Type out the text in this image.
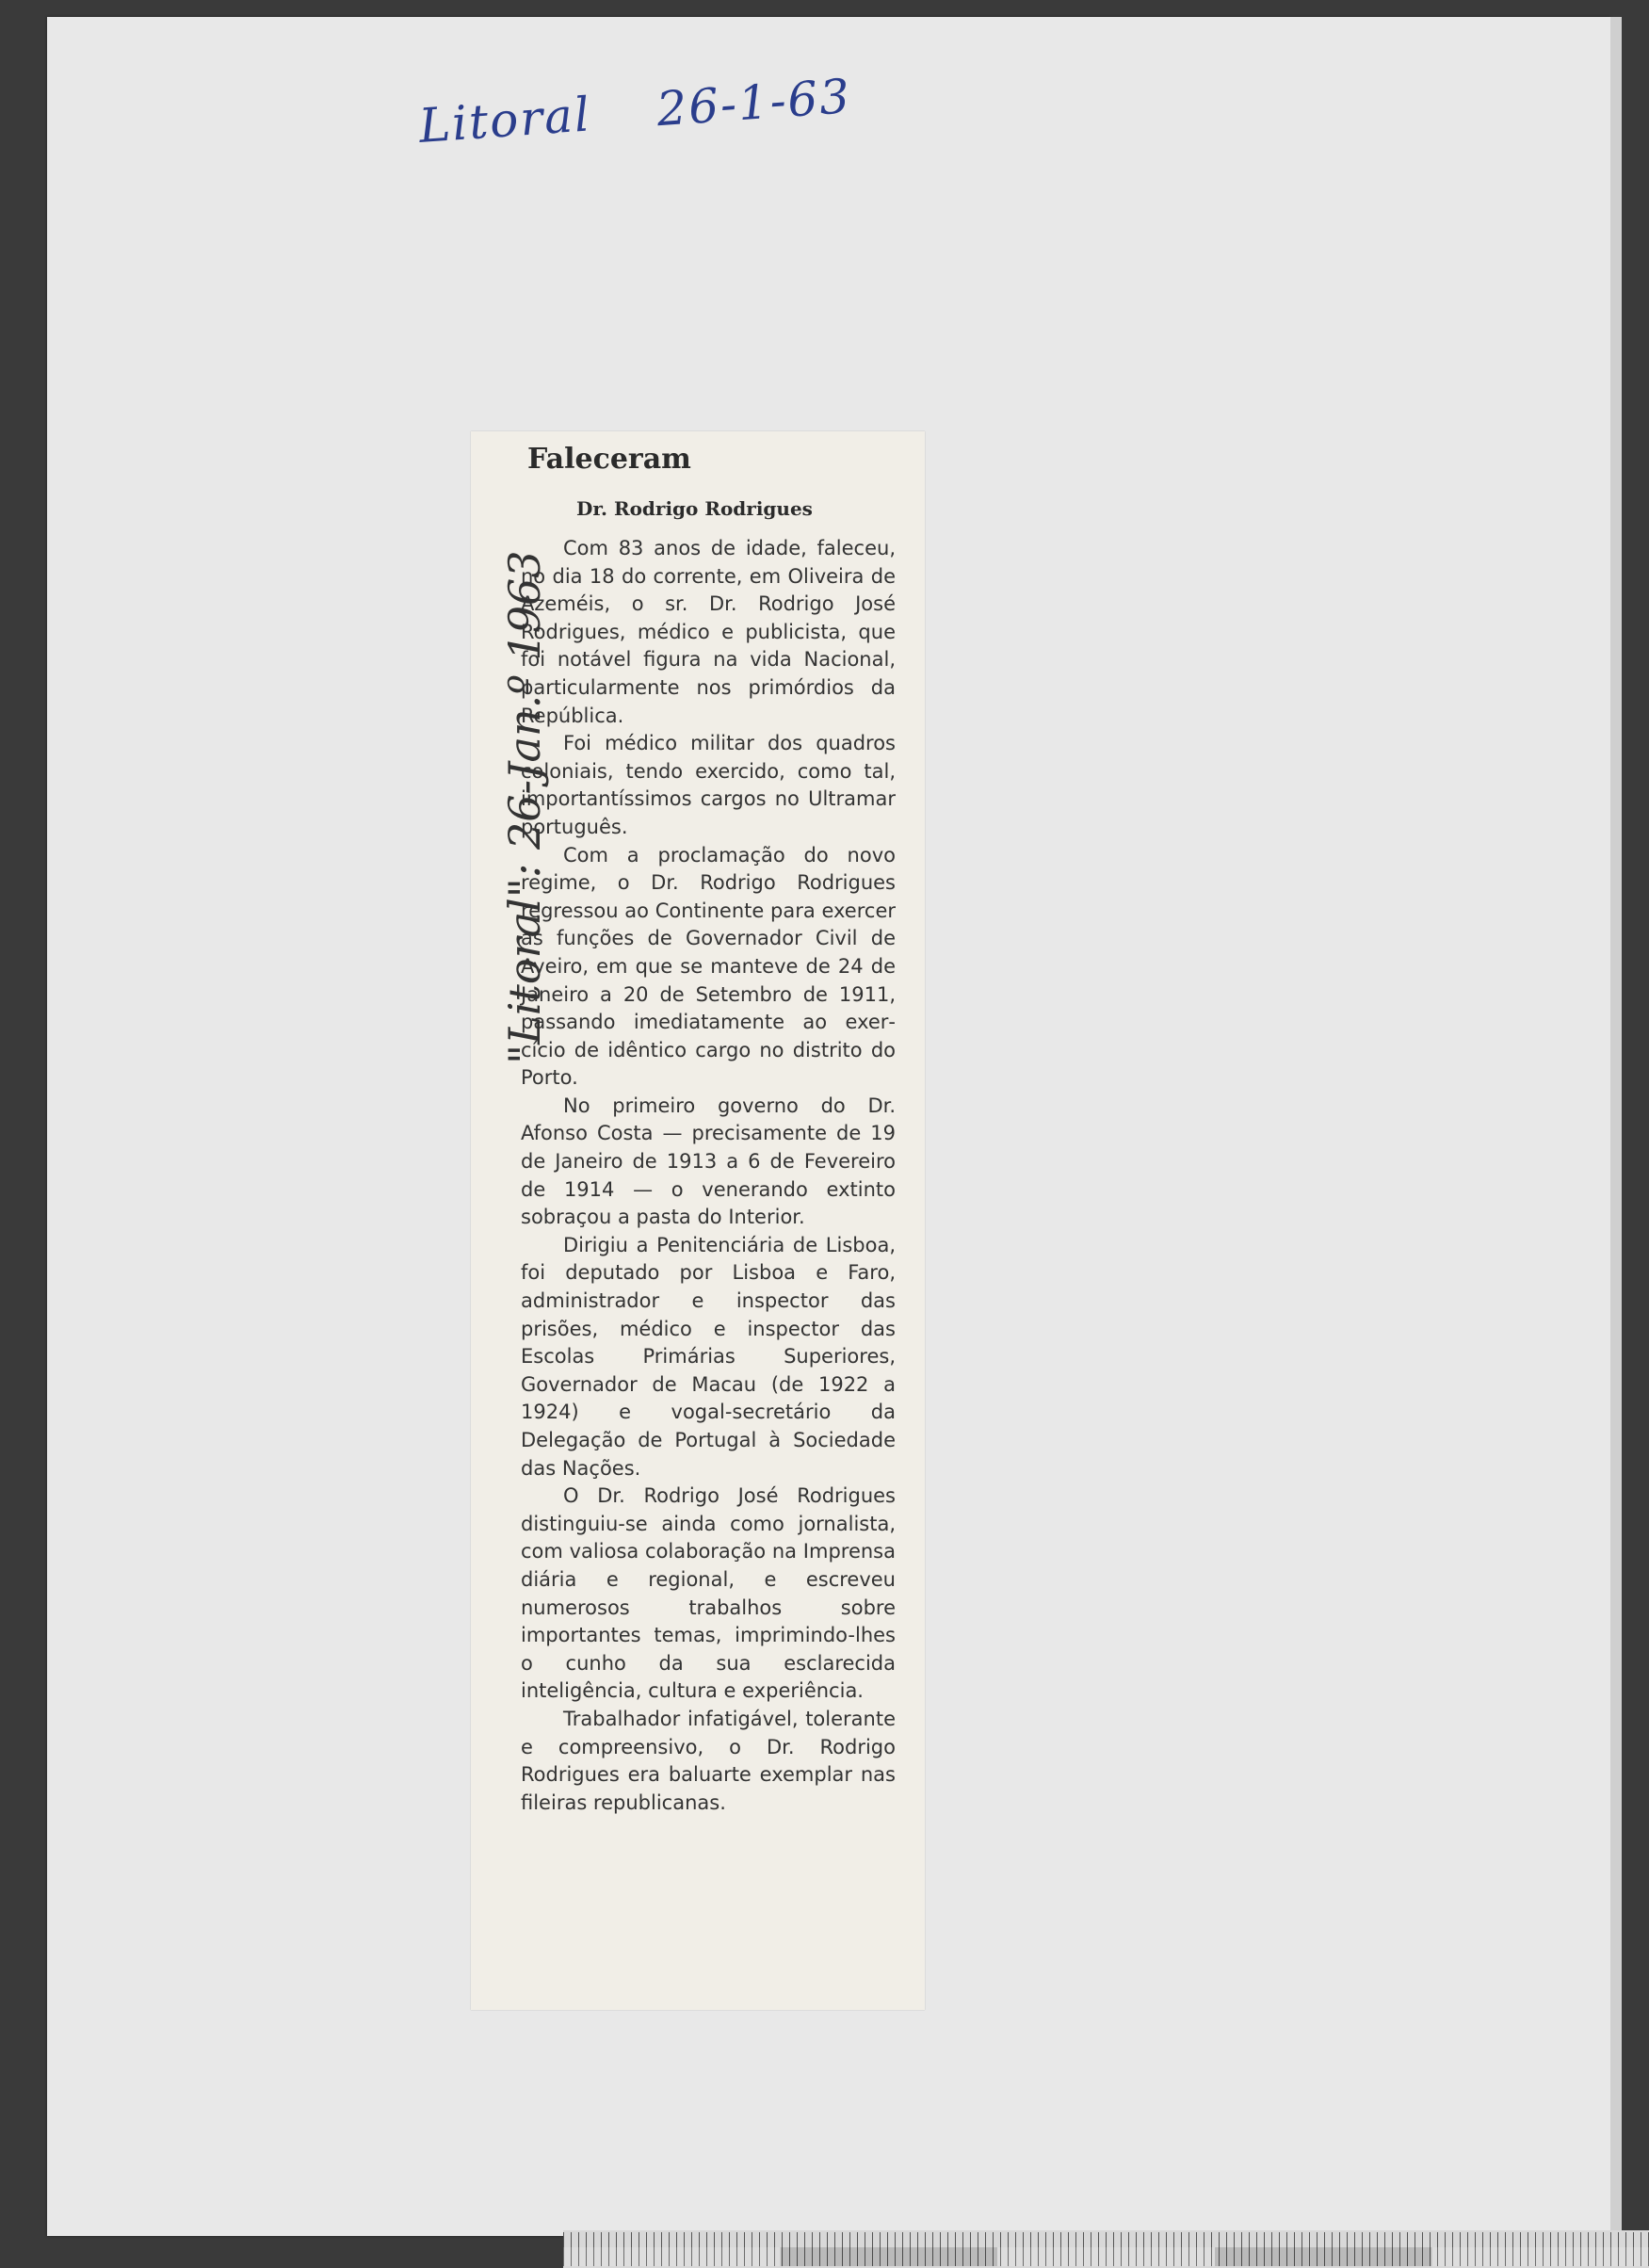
Litoral 26-1-63
Faleceram
Dr. Rodrigo Rodrigues

Com 83 anos de idade, faleceu, no dia 18 do corrente, em Oliveira de Azeméis, o sr. Dr. Rodrigo José Rodrigues, médico e publicista, que foi notável figura na vida Nacional, particularmente nos primórdios da República.

Foi médico militar dos quadros coloniais, tendo exercido, como tal, importantíssimos cargos no Ultramar português.

Com a proclamação do novo regime, o Dr. Rodrigo Rodrigues regressou ao Continente para exercer as funções de Governador Civil de Aveiro, em que se manteve de 24 de Janeiro a 20 de Setembro de 1911, passando imediatamente ao exercício de idêntico cargo no distrito do Porto.

No primeiro governo do Dr. Afonso Costa — precisamente de 19 de Janeiro de 1913 a 6 de Fevereiro de 1914 — o venerando extinto sobraçou a pasta do Interior.

Dirigiu a Penitenciária de Lisboa, foi deputado por Lisboa e Faro, administrador e inspector das prisões, médico e inspector das Escolas Primárias Superiores, Governador de Macau (de 1922 a 1924) e vogal-secretário da Delegação de Portugal à Sociedade das Nações.

O Dr. Rodrigo José Rodrigues distinguiu-se ainda como jornalista, com valiosa colaboração na Imprensa diária e regional, e escreveu numerosos trabalhos sobre importantes temas, imprimindo-lhes o cunho da sua esclarecida inteligência, cultura e experiência.

Trabalhador infatigável, tolerante e compreensivo, o Dr. Rodrigo Rodrigues era baluarte exemplar nas fileiras republicanas.

"Litoral": 26-Jan.º 1963
